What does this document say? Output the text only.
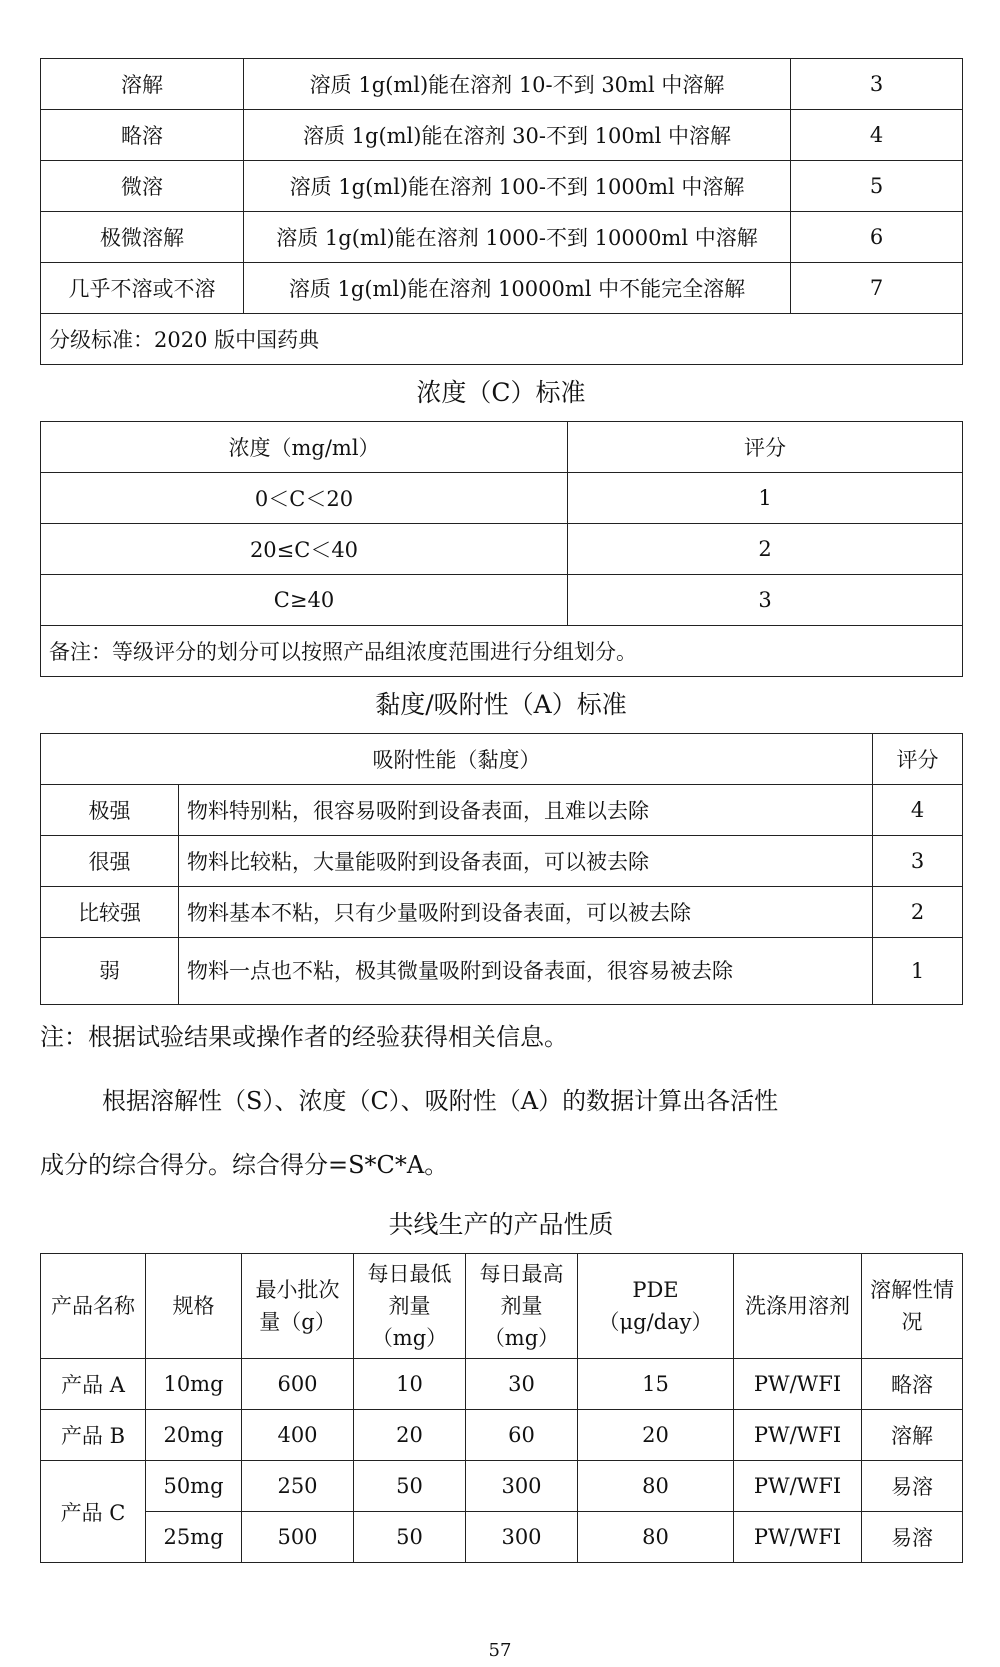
溶解	溶质 1g(ml)能在溶剂 10-不到 30ml 中溶解	3
略溶	溶质 1g(ml)能在溶剂 30-不到 100ml 中溶解	4
微溶	溶质 1g(ml)能在溶剂 100-不到 1000ml 中溶解	5
极微溶解	溶质 1g(ml)能在溶剂 1000-不到 10000ml 中溶解	6
几乎不溶或不溶	溶质 1g(ml)能在溶剂 10000ml 中不能完全溶解	7
分级标准：2020 版中国药典		
浓度（C）标准
浓度（mg/ml）	评分
0＜C＜20	1
20≤C＜40	2
C≥40	3
备注：等级评分的划分可以按照产品组浓度范围进行分组划分。	
黏度/吸附性（A）标准
吸附性能（黏度）		评分
极强	物料特别粘，很容易吸附到设备表面，且难以去除	4
很强	物料比较粘，大量能吸附到设备表面，可以被去除	3
比较强	物料基本不粘，只有少量吸附到设备表面，可以被去除	2
弱	物料一点也不粘，极其微量吸附到设备表面，很容易被去除	1
注：根据试验结果或操作者的经验获得相关信息。
根据溶解性（S）、浓度（C）、吸附性（A）的数据计算出各活性
成分的综合得分。综合得分=S*C*A。
共线生产的产品性质
产品名称	规格	最小批次量（g）	每日最低剂量（mg）	每日最高剂量（mg）	PDE（μg/day）	洗涤用溶剂	溶解性情况
产品 A	10mg	600	10	30	15	PW/WFI	略溶
产品 B	20mg	400	20	60	20	PW/WFI	溶解
产品 C	50mg	250	50	300	80	PW/WFI	易溶
	25mg	500	50	300	80	PW/WFI	易溶
57
